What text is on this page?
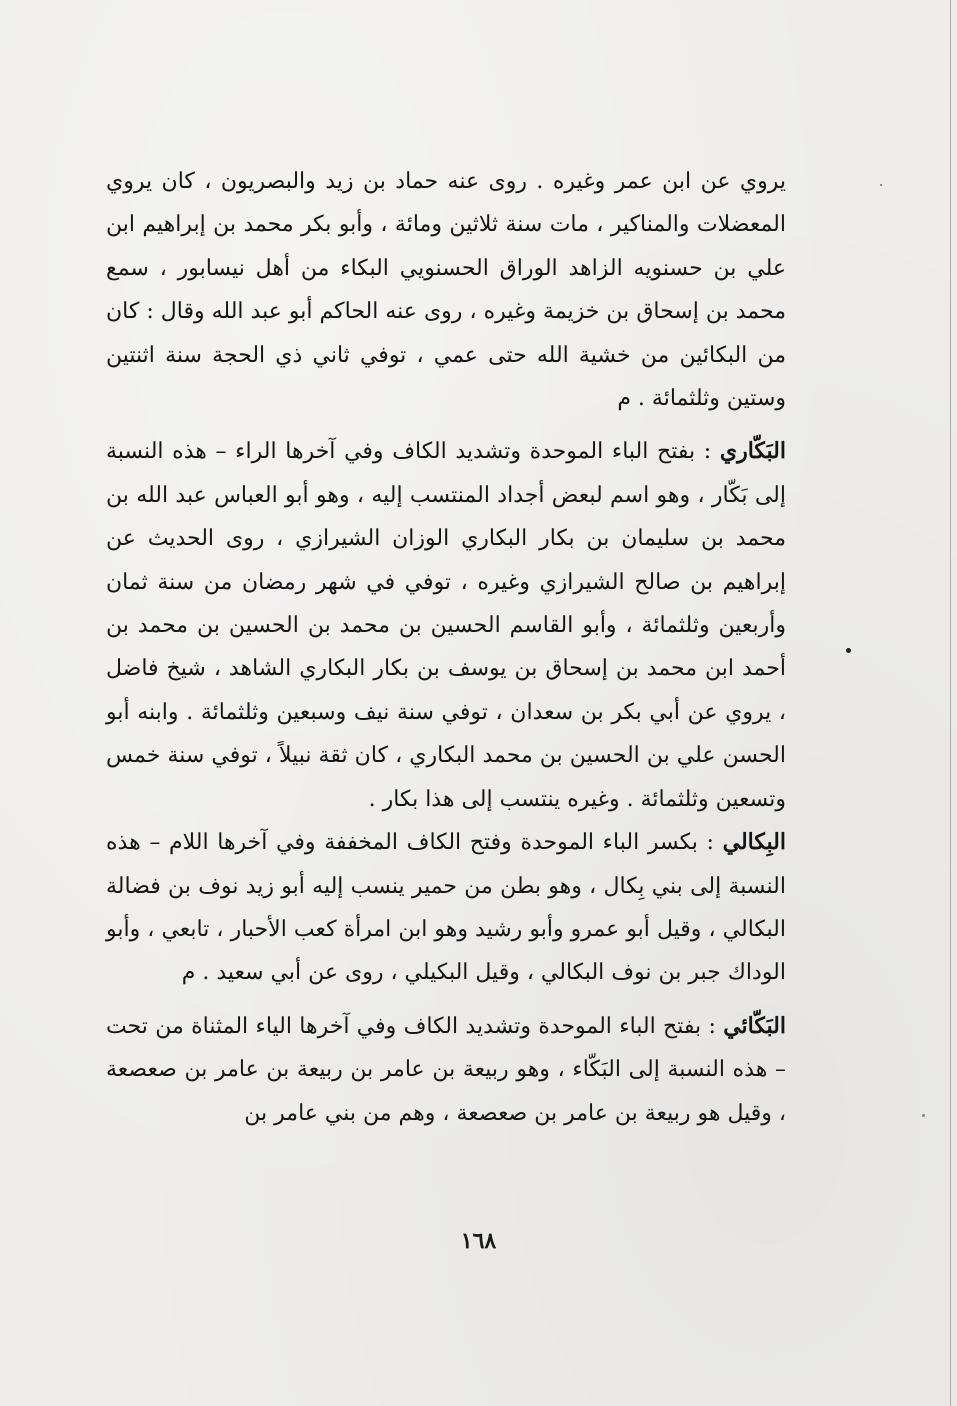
يروي عن ابن عمر وغيره . روى عنه حماد بن زيد والبصريون ، كان يروي المعضلات والمناكير ، مات سنة ثلاثين ومائة ، وأبو بكر محمد بن إبراهيم ابن علي بن حسنويه الزاهد الوراق الحسنويي البكاء من أهل نيسابور ، سمع محمد بن إسحاق بن خزيمة وغيره ، روى عنه الحاكم أبو عبد الله وقال : كان من البكائين من خشية الله حتى عمي ، توفي ثاني ذي الحجة سنة اثنتين وستين وثلثمائة . م

البَكّاري : بفتح الباء الموحدة وتشديد الكاف وفي آخرها الراء – هذه النسبة إلى بَكّار ، وهو اسم لبعض أجداد المنتسب إليه ، وهو أبو العباس عبد الله بن محمد بن سليمان بن بكار البكاري الوزان الشيرازي ، روى الحديث عن إبراهيم بن صالح الشيرازي وغيره ، توفي في شهر رمضان من سنة ثمان وأربعين وثلثمائة ، وأبو القاسم الحسين بن محمد بن الحسين بن محمد بن أحمد ابن محمد بن إسحاق بن يوسف بن بكار البكاري الشاهد ، شيخ فاضل ، يروي عن أبي بكر بن سعدان ، توفي سنة نيف وسبعين وثلثمائة . وابنه أبو الحسن علي بن الحسين بن محمد البكاري ، كان ثقة نبيلاً ، توفي سنة خمس وتسعين وثلثمائة . وغيره ينتسب إلى هذا بكار .

البِكالي : بكسر الباء الموحدة وفتح الكاف المخففة وفي آخرها اللام – هذه النسبة إلى بني بِكال ، وهو بطن من حمير ينسب إليه أبو زيد نوف بن فضالة البكالي ، وقيل أبو عمرو وأبو رشيد وهو ابن امرأة كعب الأحبار ، تابعي ، وأبو الوداك جبر بن نوف البكالي ، وقيل البكيلي ، روى عن أبي سعيد . م

البَكّائي : بفتح الباء الموحدة وتشديد الكاف وفي آخرها الياء المثناة من تحت – هذه النسبة إلى البَكّاء ، وهو ربيعة بن عامر بن ربيعة بن عامر بن صعصعة ، وقيل هو ربيعة بن عامر بن صعصعة ، وهم من بني عامر بن

١٦٨
